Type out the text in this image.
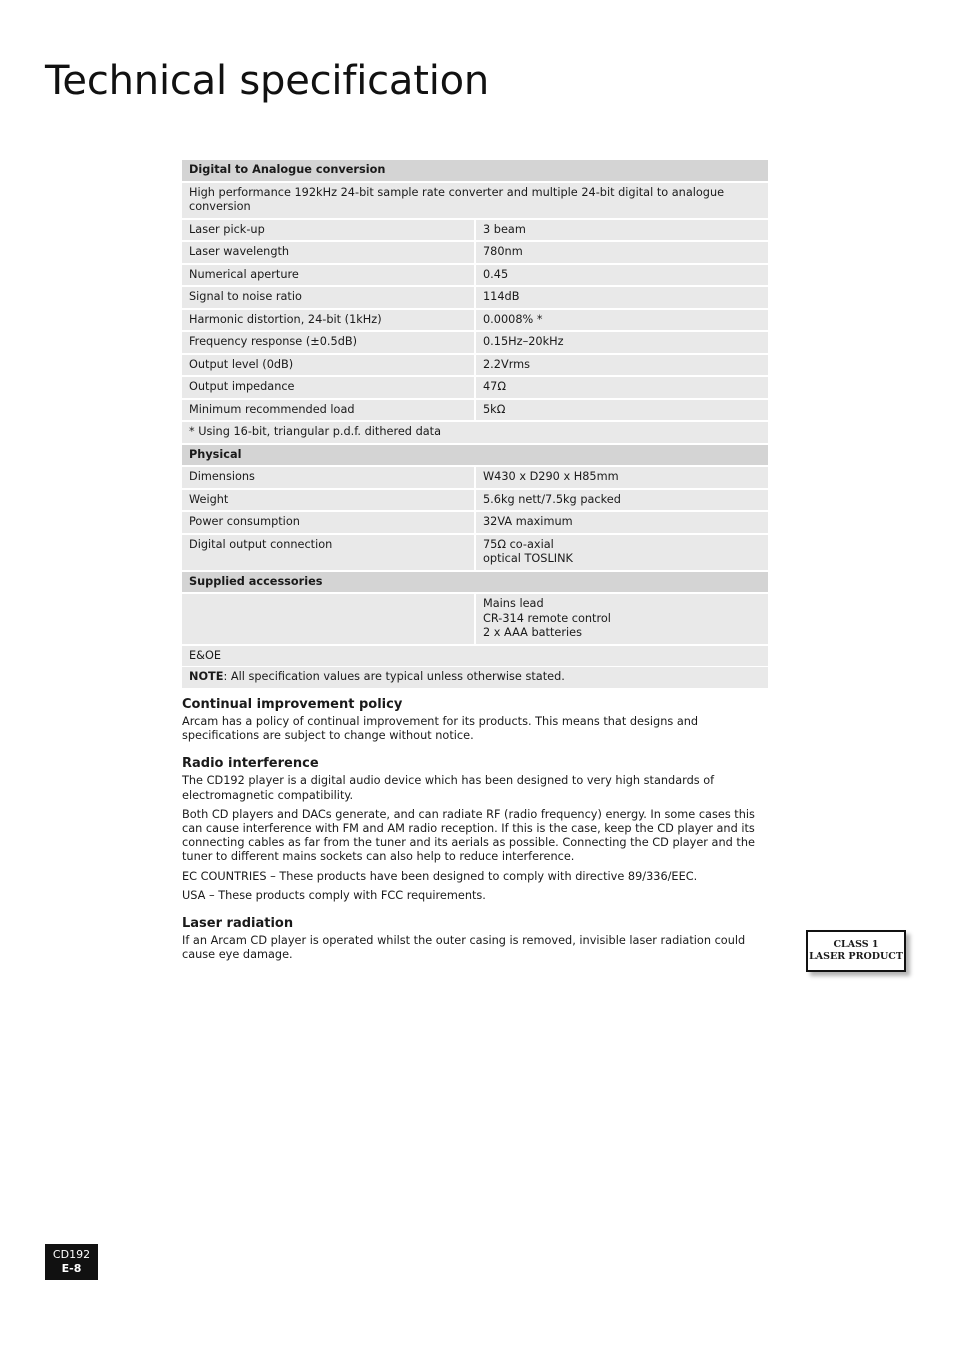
Technical specification
Digital to Analogue conversion	
High performance 192kHz 24-bit sample rate converter and multiple 24-bit digital to analogue conversion	
Laser pick-up	3 beam
Laser wavelength	780nm
Numerical aperture	0.45
Signal to noise ratio	114dB
Harmonic distortion, 24-bit (1kHz)	0.0008% *
Frequency response (±0.5dB)	0.15Hz–20kHz
Output level (0dB)	2.2Vrms
Output impedance	47Ω
Minimum recommended load	5kΩ
* Using 16-bit, triangular p.d.f. dithered data	
Physical	
Dimensions	W430 x D290 x H85mm
Weight	5.6kg nett/7.5kg packed
Power consumption	32VA maximum
Digital output connection	75Ω co-axial
optical TOSLINK

Supplied accessories	

	Mains lead
CR-314 remote control
2 x AAA batteries

E&OE	
NOTE: All specification values are typical unless otherwise stated.
Continual improvement policy

Arcam has a policy of continual improvement for its products. This means that designs and specifications are subject to change without notice.

Radio interference

The CD192 player is a digital audio device which has been designed to very high standards of electromagnetic compatibility.

Both CD players and DACs generate, and can radiate RF (radio frequency) energy. In some cases this can cause interference with FM and AM radio reception. If this is the case, keep the CD player and its connecting cables as far from the tuner and its aerials as possible. Connecting the CD player and the tuner to different mains sockets can also help to reduce interference.

EC COUNTRIES – These products have been designed to comply with directive 89/336/EEC.

USA – These products comply with FCC requirements.

Laser radiation

If an Arcam CD player is operated whilst the outer casing is removed, invisible laser radiation could cause eye damage.

CLASS 1
LASER PRODUCT
CD192
E-8
